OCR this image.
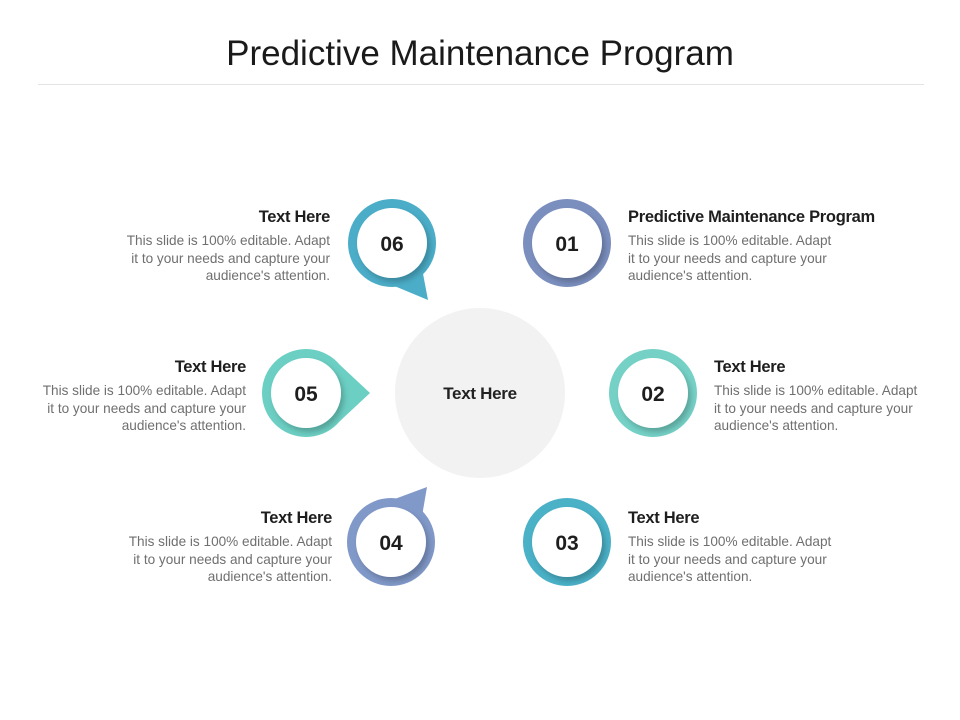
Predictive Maintenance Program
06	01
05	02
04	03
Text Here
Predictive Maintenance Program
This slide is 100% editable. Adapt
it to your needs and capture your
audience's attention.
Text Here
This slide is 100% editable. Adapt
it to your needs and capture your
audience's attention.
Text Here
This slide is 100% editable. Adapt
it to your needs and capture your
audience's attention.
Text Here
This slide is 100% editable. Adapt
it to your needs and capture your
audience's attention.
Text Here
This slide is 100% editable. Adapt
it to your needs and capture your
audience's attention.
Text Here
This slide is 100% editable. Adapt
it to your needs and capture your
audience's attention.
